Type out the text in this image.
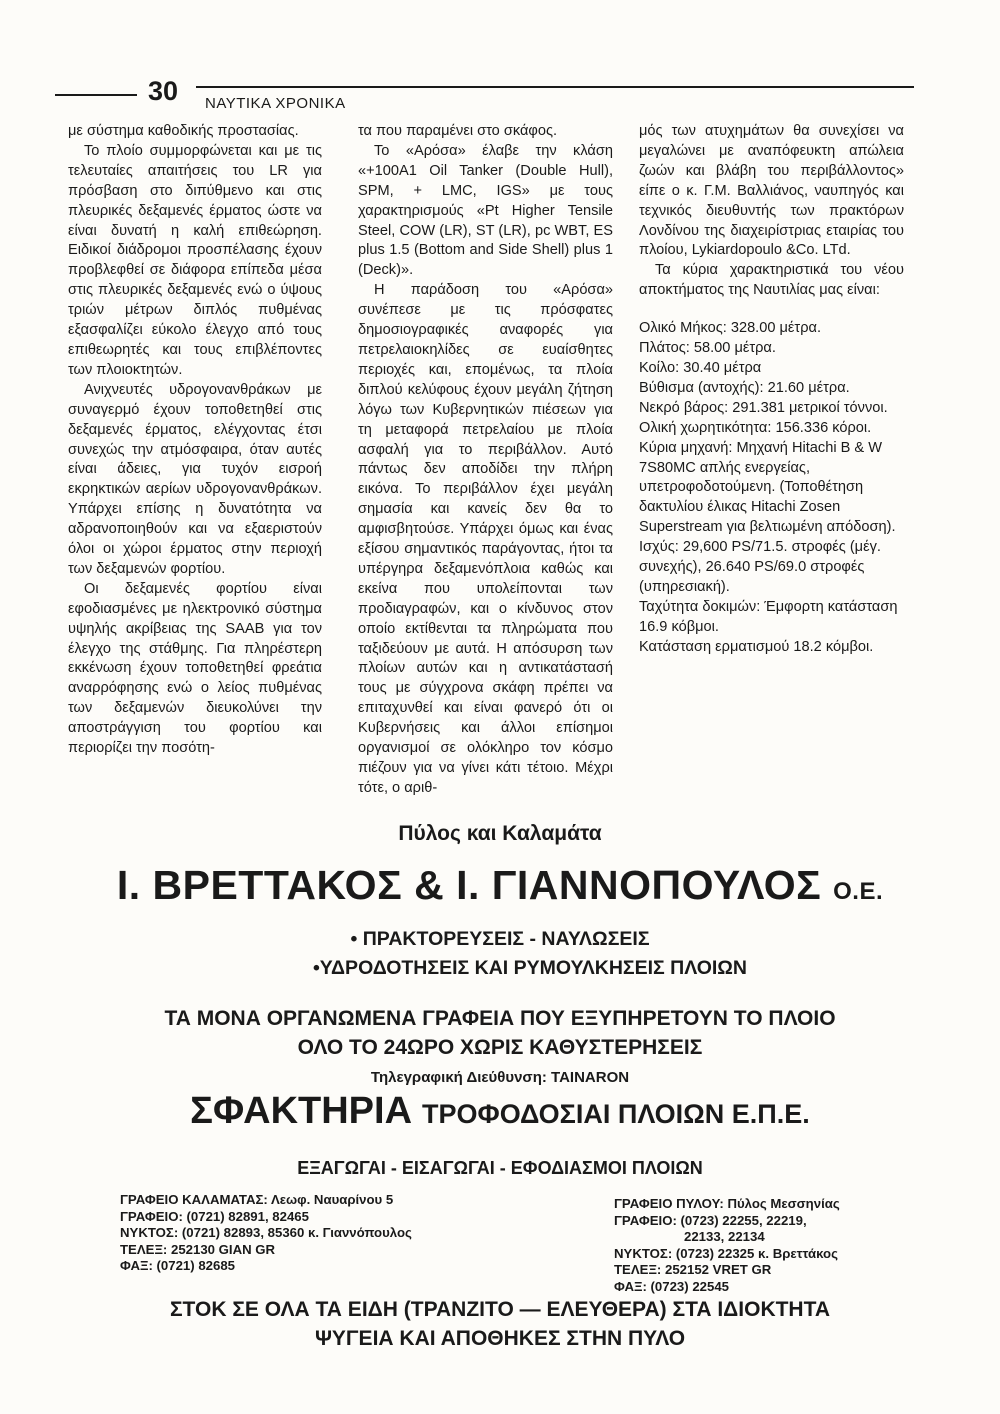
30 ΝΑΥΤΙΚΑ ΧΡΟΝΙΚΑ

με σύστημα καθοδικής προστασίας.

Το πλοίο συμμορφώνεται και με τις τελευταίες απαιτήσεις του LR για πρόσβαση στο διπύθμενο και στις πλευρικές δεξαμενές έρματος ώστε να είναι δυνατή η καλή επιθεώρηση. Ειδικοί διάδρομοι προσπέλασης έχουν προβλεφθεί σε διάφορα επίπεδα μέσα στις πλευρικές δεξαμενές ενώ ο ύψους τριών μέτρων διπλός πυθμένας εξασφαλίζει εύκολο έλεγχο από τους επιθεωρητές και τους επιβλέποντες των πλοιοκτητών.

Ανιχνευτές υδρογονανθράκων με συναγερμό έχουν τοποθετηθεί στις δεξαμενές έρματος, ελέγχοντας έτσι συνεχώς την ατμόσφαιρα, όταν αυτές είναι άδειες, για τυχόν εισροή εκρηκτικών αερίων υδρογονανθράκων. Υπάρχει επίσης η δυνατότητα να αδρανοποιηθούν και να εξαεριστούν όλοι οι χώροι έρματος στην περιοχή των δεξαμενών φορτίου.

Οι δεξαμενές φορτίου είναι εφοδιασμένες με ηλεκτρονικό σύστημα υψηλής ακρίβειας της SAAB για τον έλεγχο της στάθμης. Για πληρέστερη εκκένωση έχουν τοποθετηθεί φρεάτια αναρρόφησης ενώ ο λείος πυθμένας των δεξαμενών διευκολύνει την αποστράγγιση του φορτίου και περιορίζει την ποσότη-

τα που παραμένει στο σκάφος.

Το «Αρόσα» έλαβε την κλάση «+100A1 Oil Tanker (Double Hull), SPM, + LMC, IGS» με τους χαρακτηρισμούς «Pt Higher Tensile Steel, COW (LR), ST (LR), pc WBT, ES plus 1.5 (Bottom and Side Shell) plus 1 (Deck)».

Η παράδοση του «Αρόσα» συνέπεσε με τις πρόσφατες δημοσιογραφικές αναφορές για πετρελαιοκηλίδες σε ευαίσθητες περιοχές και, επομένως, τα πλοία διπλού κελύφους έχουν μεγάλη ζήτηση λόγω των Κυβερνητικών πιέσεων για τη μεταφορά πετρελαίου με πλοία ασφαλή για το περιβάλλον. Αυτό πάντως δεν αποδίδει την πλήρη εικόνα. Το περιβάλλον έχει μεγάλη σημασία και κανείς δεν θα το αμφισβητούσε. Υπάρχει όμως και ένας εξίσου σημαντικός παράγοντας, ήτοι τα υπέργηρα δεξαμενόπλοια καθώς και εκείνα που υπολείπονται των προδιαγραφών, και ο κίνδυνος στον οποίο εκτίθενται τα πληρώματα που ταξιδεύουν με αυτά. Η απόσυρση των πλοίων αυτών και η αντικατάστασή τους με σύγχρονα σκάφη πρέπει να επιταχυνθεί και είναι φανερό ότι οι Κυβερνήσεις και άλλοι επίσημοι οργανισμοί σε ολόκληρο τον κόσμο πιέζουν για να γίνει κάτι τέτοιο. Μέχρι τότε, ο αριθ-

μός των ατυχημάτων θα συνεχίσει να μεγαλώνει με αναπόφευκτη απώλεια ζωών και βλάβη του περιβάλλοντος» είπε ο κ. Γ.Μ. Βαλλιάνος, ναυπηγός και τεχνικός διευθυντής των πρακτόρων Λονδίνου της διαχειρίστριας εταιρίας του πλοίου, Lykiardopoulo &Co. LTd.

Τα κύρια χαρακτηριστικά του νέου αποκτήματος της Ναυτιλίας μας είναι:

Ολικό Μήκος: 328.00 μέτρα.

Πλάτος: 58.00 μέτρα.

Κοίλο: 30.40 μέτρα

Βύθισμα (αντοχής): 21.60 μέτρα.

Νεκρό βάρος: 291.381 μετρικοί τόννοι.

Ολική χωρητικότητα: 156.336 κόροι.

Κύρια μηχανή: Μηχανή Hitachi B & W 7S80MC απλής ενεργείας, υπετροφοδοτούμενη. (Τοποθέτηση δακτυλίου έλικας Hitachi Zosen Superstream για βελτιωμένη απόδοση).

Ισχύς: 29,600 PS/71.5. στροφές (μέγ. συνεχής), 26.640 PS/69.0 στροφές (υπηρεσιακή).

Ταχύτητα δοκιμών: Έμφορτη κατάσταση 16.9 κόβμοι.

Κατάσταση ερματισμού 18.2 κόμβοι.

Πύλος και Καλαμάτα
Ι. ΒΡΕΤΤΑΚΟΣ & Ι. ΓΙΑΝΝΟΠΟΥΛΟΣ Ο.Ε.
• ΠΡΑΚΤΟΡΕΥΣΕΙΣ - ΝΑΥΛΩΣΕΙΣ
•ΥΔΡΟΔΟΤΗΣΕΙΣ ΚΑΙ ΡΥΜΟΥΛΚΗΣΕΙΣ ΠΛΟΙΩΝ
ΤΑ ΜΟΝΑ ΟΡΓΑΝΩΜΕΝΑ ΓΡΑΦΕΙΑ ΠΟΥ ΕΞΥΠΗΡΕΤΟΥΝ ΤΟ ΠΛΟΙΟ
ΟΛΟ ΤΟ 24ΩΡΟ ΧΩΡΙΣ ΚΑΘΥΣΤΕΡΗΣΕΙΣ
Τηλεγραφική Διεύθυνση: TAINARON
ΣΦΑΚΤΗΡΙΑ ΤΡΟΦΟΔΟΣΙΑΙ ΠΛΟΙΩΝ Ε.Π.Ε.
ΕΞΑΓΩΓΑΙ - ΕΙΣΑΓΩΓΑΙ - ΕΦΟΔΙΑΣΜΟΙ ΠΛΟΙΩΝ
ΓΡΑΦΕΙΟ ΚΑΛΑΜΑΤΑΣ: Λεωφ. Ναυαρίνου 5
ΓΡΑΦΕΙΟ: (0721) 82891, 82465
ΝΥΚΤΟΣ: (0721) 82893, 85360 κ. Γιαννόπουλος
ΤΕΛΕΞ: 252130 GIAN GR
ΦΑΞ: (0721) 82685
ΓΡΑΦΕΙΟ ΠΥΛΟΥ: Πύλος Μεσσηνίας
ΓΡΑΦΕΙΟ: (0723) 22255, 22219,
22133, 22134
ΝΥΚΤΟΣ: (0723) 22325 κ. Βρεττάκος
ΤΕΛΕΞ: 252152 VRET GR
ΦΑΞ: (0723) 22545
ΣΤΟΚ ΣΕ ΟΛΑ ΤΑ ΕΙΔΗ (ΤΡΑΝΖΙΤΟ — ΕΛΕΥΘΕΡΑ) ΣΤΑ ΙΔΙΟΚΤΗΤΑ
ΨΥΓΕΙΑ ΚΑΙ ΑΠΟΘΗΚΕΣ ΣΤΗΝ ΠΥΛΟ
